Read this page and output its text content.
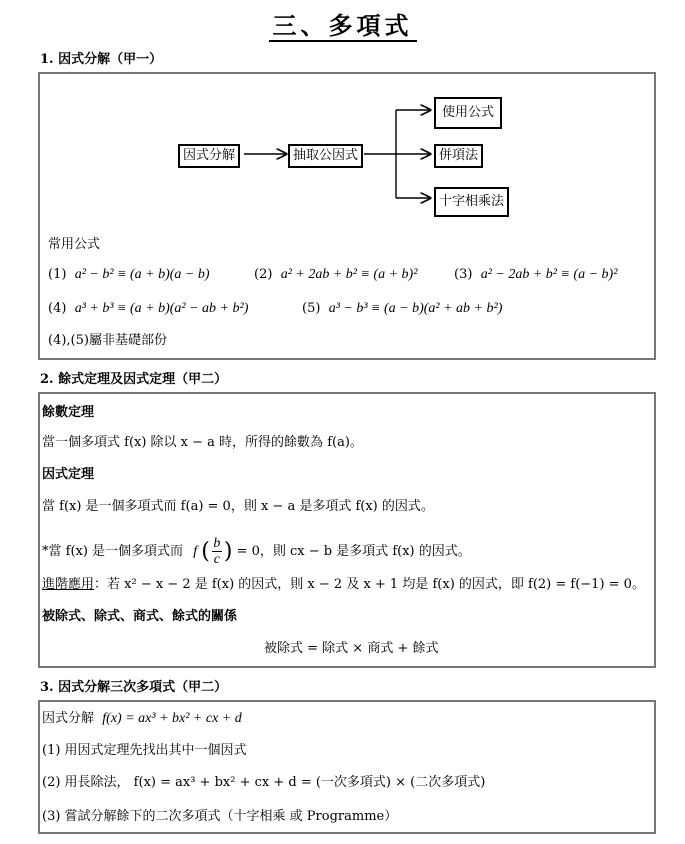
三、多項式
1. 因式分解（甲一）
因式分解	抽取公因式
使用公式
併項法
十字相乘法
常用公式
(1) a² − b² ≡ (a + b)(a − b)	(2) a² + 2ab + b² ≡ (a + b)²	(3) a² − 2ab + b² ≡ (a − b)²
(4) a³ + b³ ≡ (a + b)(a² − ab + b²)	(5) a³ − b³ ≡ (a − b)(a² + ab + b²)
(4),(5)屬非基礎部份
2. 餘式定理及因式定理（甲二）
餘數定理
當一個多項式 f(x) 除以 x − a 時，所得的餘數為 f(a)。
因式定理
當 f(x) 是一個多項式而 f(a) = 0，則 x − a 是多項式 f(x) 的因式。
*當 f(x) 是一個多項式而 f ( b
c ) = 0，則 cx − b 是多項式 f(x) 的因式。
進階應用：若 x² − x − 2 是 f(x) 的因式，則 x − 2 及 x + 1 均是 f(x) 的因式，即 f(2) = f(−1) = 0。
被除式、除式、商式、餘式的關係
被除式 = 除式 × 商式 + 餘式
3. 因式分解三次多項式（甲二）
因式分解 f(x) = ax³ + bx² + cx + d
(1) 用因式定理先找出其中一個因式
(2) 用長除法， f(x) = ax³ + bx² + cx + d = (一次多項式) × (二次多項式)
(3) 嘗試分解餘下的二次多項式（十字相乘 或 Programme）
